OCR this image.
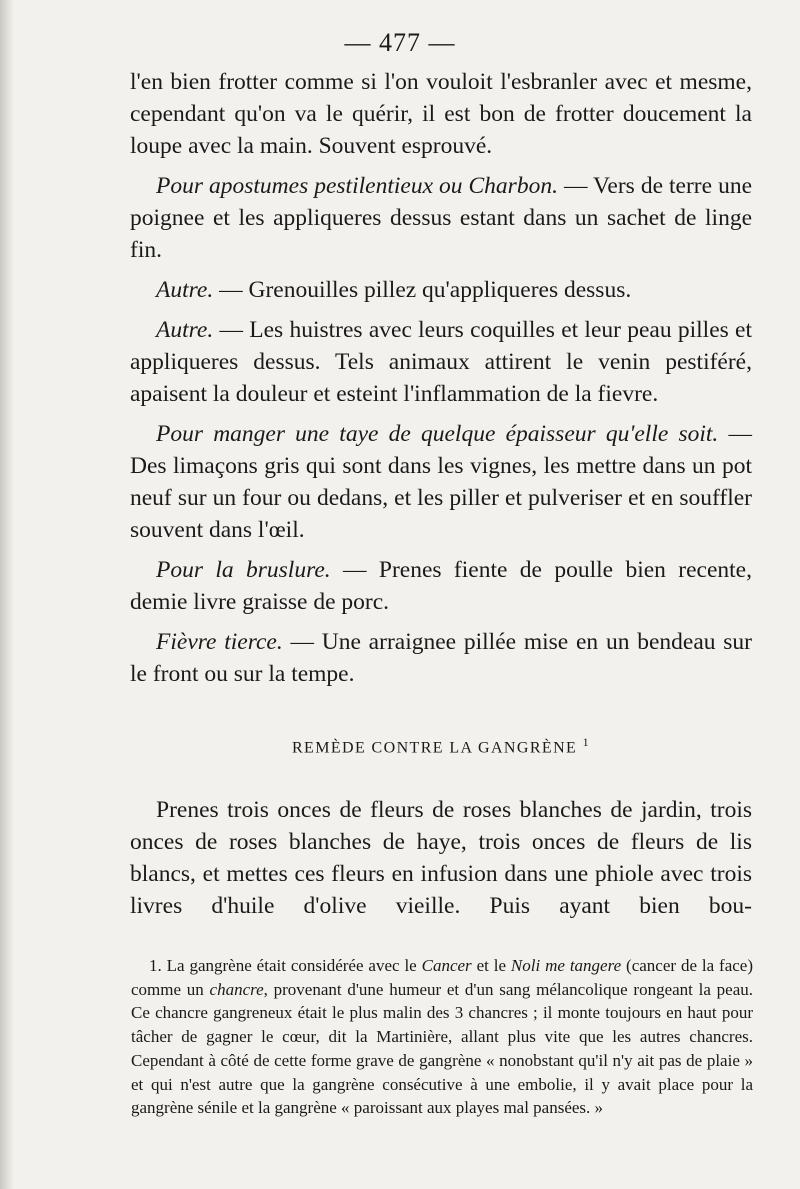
— 477 —

l'en bien frotter comme si l'on vouloit l'esbranler avec et mesme, cependant qu'on va le quérir, il est bon de frotter doucement la loupe avec la main. Souvent esprouvé.

Pour apostumes pestilentieux ou Charbon. — Vers de terre une poignee et les appliqueres dessus estant dans un sachet de linge fin.

Autre. — Grenouilles pillez qu'appliqueres dessus.

Autre. — Les huistres avec leurs coquilles et leur peau pilles et appliqueres dessus. Tels animaux attirent le venin pestiféré, apaisent la douleur et esteint l'inflammation de la fievre.

Pour manger une taye de quelque épaisseur qu'elle soit. — Des limaçons gris qui sont dans les vignes, les mettre dans un pot neuf sur un four ou dedans, et les piller et pulveriser et en souffler souvent dans l'œil.

Pour la bruslure. — Prenes fiente de poulle bien recente, demie livre graisse de porc.

Fièvre tierce. — Une arraignee pillée mise en un bendeau sur le front ou sur la tempe.

REMÈDE CONTRE LA GANGRÈNE $^1$

Prenes trois onces de fleurs de roses blanches de jardin, trois onces de roses blanches de haye, trois onces de fleurs de lis blancs, et mettes ces fleurs en infusion dans une phiole avec trois livres d'huile d'olive vieille. Puis ayant bien bou-

1. La gangrène était considérée avec le Cancer et le Noli me tangere (cancer de la face) comme un chancre, provenant d'une humeur et d'un sang mélancolique rongeant la peau. Ce chancre gangreneux était le plus malin des 3 chancres ; il monte toujours en haut pour tâcher de gagner le cœur, dit la Martinière, allant plus vite que les autres chancres. Cependant à côté de cette forme grave de gangrène « nonobstant qu'il n'y ait pas de plaie » et qui n'est autre que la gangrène consécutive à une embolie, il y avait place pour la gangrène sénile et la gangrène « paroissant aux playes mal pansées. »
